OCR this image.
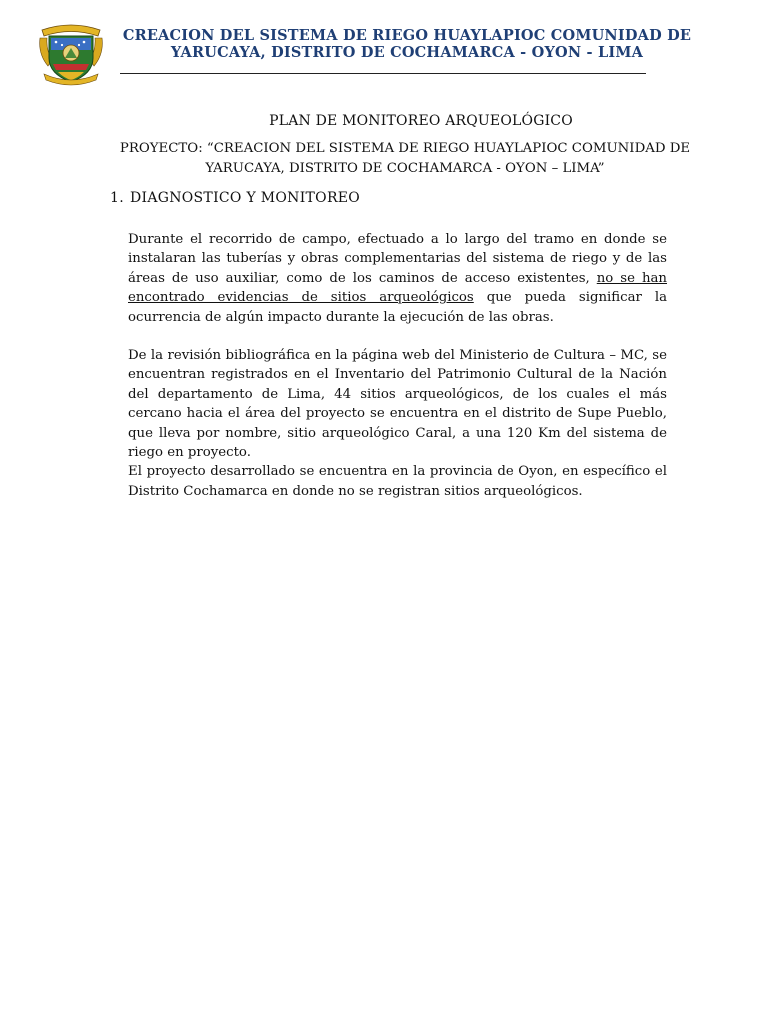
CREACION DEL SISTEMA DE RIEGO HUAYLAPIOC COMUNIDAD DE
YARUCAYA, DISTRITO DE COCHAMARCA - OYON - LIMA
PLAN DE MONITOREO ARQUEOLÓGICO
PROYECTO: “CREACION DEL SISTEMA DE RIEGO HUAYLAPIOC COMUNIDAD DE
YARUCAYA, DISTRITO DE COCHAMARCA - OYON – LIMA”
1. DIAGNOSTICO Y MONITOREO

Durante el recorrido de campo, efectuado a lo largo del tramo en donde se instalaran las tuberías y obras complementarias del sistema de riego y de las áreas de uso auxiliar, como de los caminos de acceso existentes, no se han encontrado evidencias de sitios arqueológicos que pueda significar la ocurrencia de algún impacto durante la ejecución de las obras.

De la revisión bibliográfica en la página web del Ministerio de Cultura – MC, se encuentran registrados en el Inventario del Patrimonio Cultural de la Nación del departamento de Lima, 44 sitios arqueológicos, de los cuales el más cercano hacia el área del proyecto se encuentra en el distrito de Supe Pueblo, que lleva por nombre, sitio arqueológico Caral, a una 120 Km del sistema de riego en proyecto.

El proyecto desarrollado se encuentra en la provincia de Oyon, en específico el Distrito Cochamarca en donde no se registran sitios arqueológicos.
